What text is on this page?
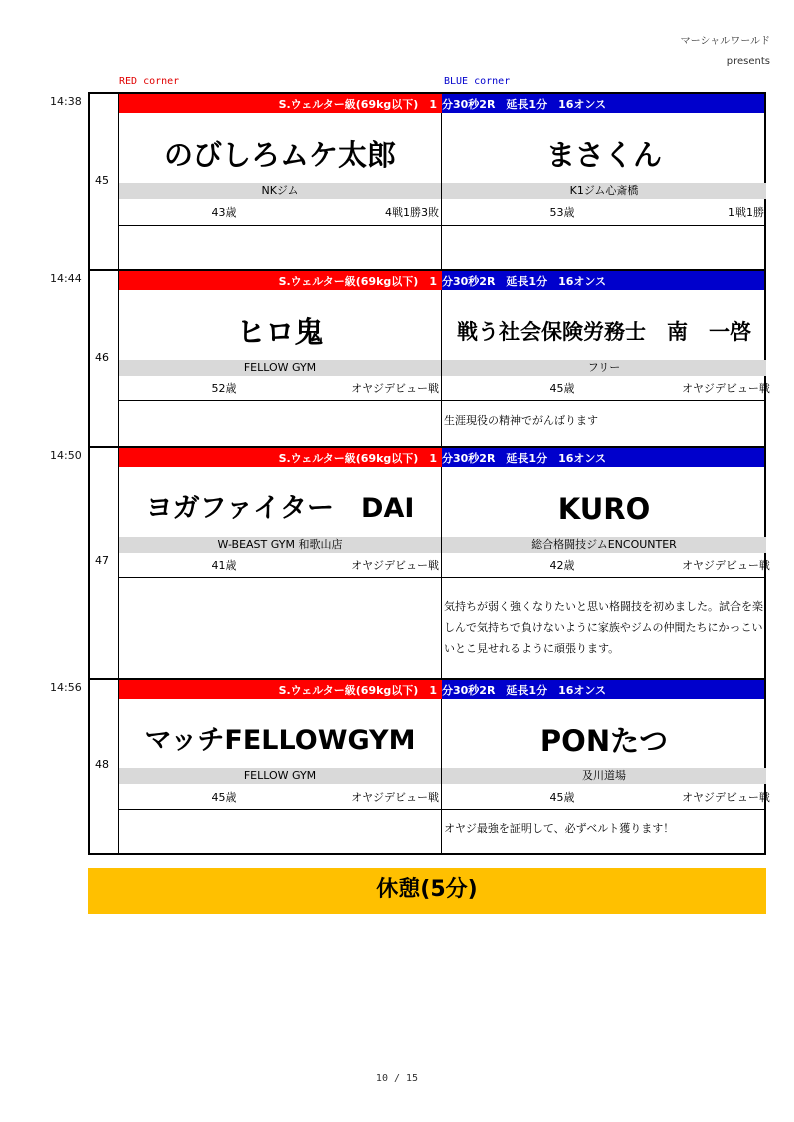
マーシャルワールド
presents
RED corner	BLUE corner
14:38
45
S.ウェルター級(69kg以下)　1 分30秒2R　延長1分　16オンス
のびしろムケ太郎	まさくん
NKジム	K1ジム心斎橋
43歳	4戦1勝3敗	53歳	1戦1勝
14:44
46
S.ウェルター級(69kg以下)　1 分30秒2R　延長1分　16オンス
ヒロ鬼	戦う社会保険労務士　南　一啓
FELLOW GYM	フリー
52歳	オヤジデビュー戦	45歳	オヤジデビュー戦
生涯現役の精神でがんばります
14:50
47
S.ウェルター級(69kg以下)　1 分30秒2R　延長1分　16オンス
ヨガファイター　DAI	KURO
W-BEAST GYM 和歌山店	総合格闘技ジムENCOUNTER
41歳	オヤジデビュー戦	42歳	オヤジデビュー戦
気持ちが弱く強くなりたいと思い格闘技を初めました。試合を楽しんで気持ちで負けないように家族やジムの仲間たちにかっこいいとこ見せれるように頑張ります。
14:56
48
S.ウェルター級(69kg以下)　1 分30秒2R　延長1分　16オンス
マッチFELLOWGYM	PONたつ
FELLOW GYM	及川道場
45歳	オヤジデビュー戦	45歳	オヤジデビュー戦
オヤジ最強を証明して、必ずベルト獲ります！
休憩(5分)
10 / 15
